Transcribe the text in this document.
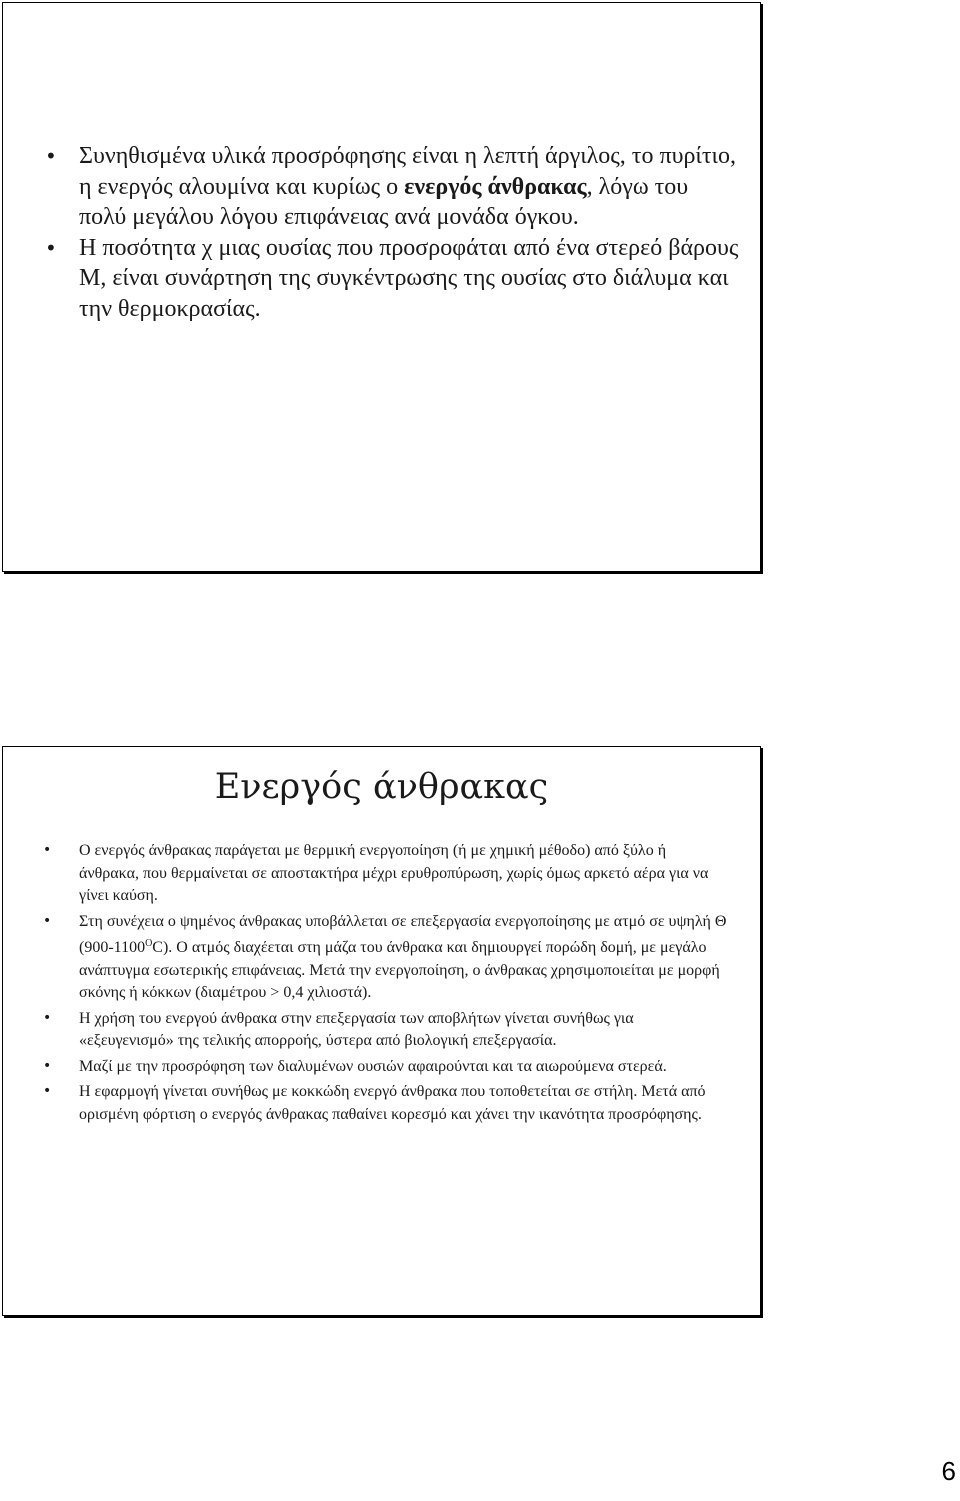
• Συνηθισμένα υλικά προσρόφησης είναι η λεπτή άργιλος, το πυρίτιο, η ενεργός αλουμίνα και κυρίως ο ενεργός άνθρακας, λόγω του πολύ μεγάλου λόγου επιφάνειας ανά μονάδα όγκου.
• Η ποσότητα χ μιας ουσίας που προσροφάται από ένα στερεό βάρους Μ, είναι συνάρτηση της συγκέντρωσης της ουσίας στο διάλυμα και την θερμοκρασίας.
Ενεργός άνθρακας
• Ο ενεργός άνθρακας παράγεται με θερμική ενεργοποίηση (ή με χημική μέθοδο) από ξύλο ή άνθρακα, που θερμαίνεται σε αποστακτήρα μέχρι ερυθροπύρωση, χωρίς όμως αρκετό αέρα για να γίνει καύση.
• Στη συνέχεια ο ψημένος άνθρακας υποβάλλεται σε επεξεργασία ενεργοποίησης με ατμό σε υψηλή Θ $(900-1100^OC)$. Ο ατμός διαχέεται στη μάζα του άνθρακα και δημιουργεί πορώδη δομή, με μεγάλο ανάπτυγμα εσωτερικής επιφάνειας. Μετά την ενεργοποίηση, ο άνθρακας χρησιμοποιείται με μορφή σκόνης ή κόκκων (διαμέτρου > 0,4 χιλιοστά).
• Η χρήση του ενεργού άνθρακα στην επεξεργασία των αποβλήτων γίνεται συνήθως για «εξευγενισμό» της τελικής απορροής, ύστερα από βιολογική επεξεργασία.
• Μαζί με την προσρόφηση των διαλυμένων ουσιών αφαιρούνται και τα αιωρούμενα στερεά.
• Η εφαρμογή γίνεται συνήθως με κοκκώδη ενεργό άνθρακα που τοποθετείται σε στήλη. Μετά από ορισμένη φόρτιση ο ενεργός άνθρακας παθαίνει κορεσμό και χάνει την ικανότητα προσρόφησης.
6
